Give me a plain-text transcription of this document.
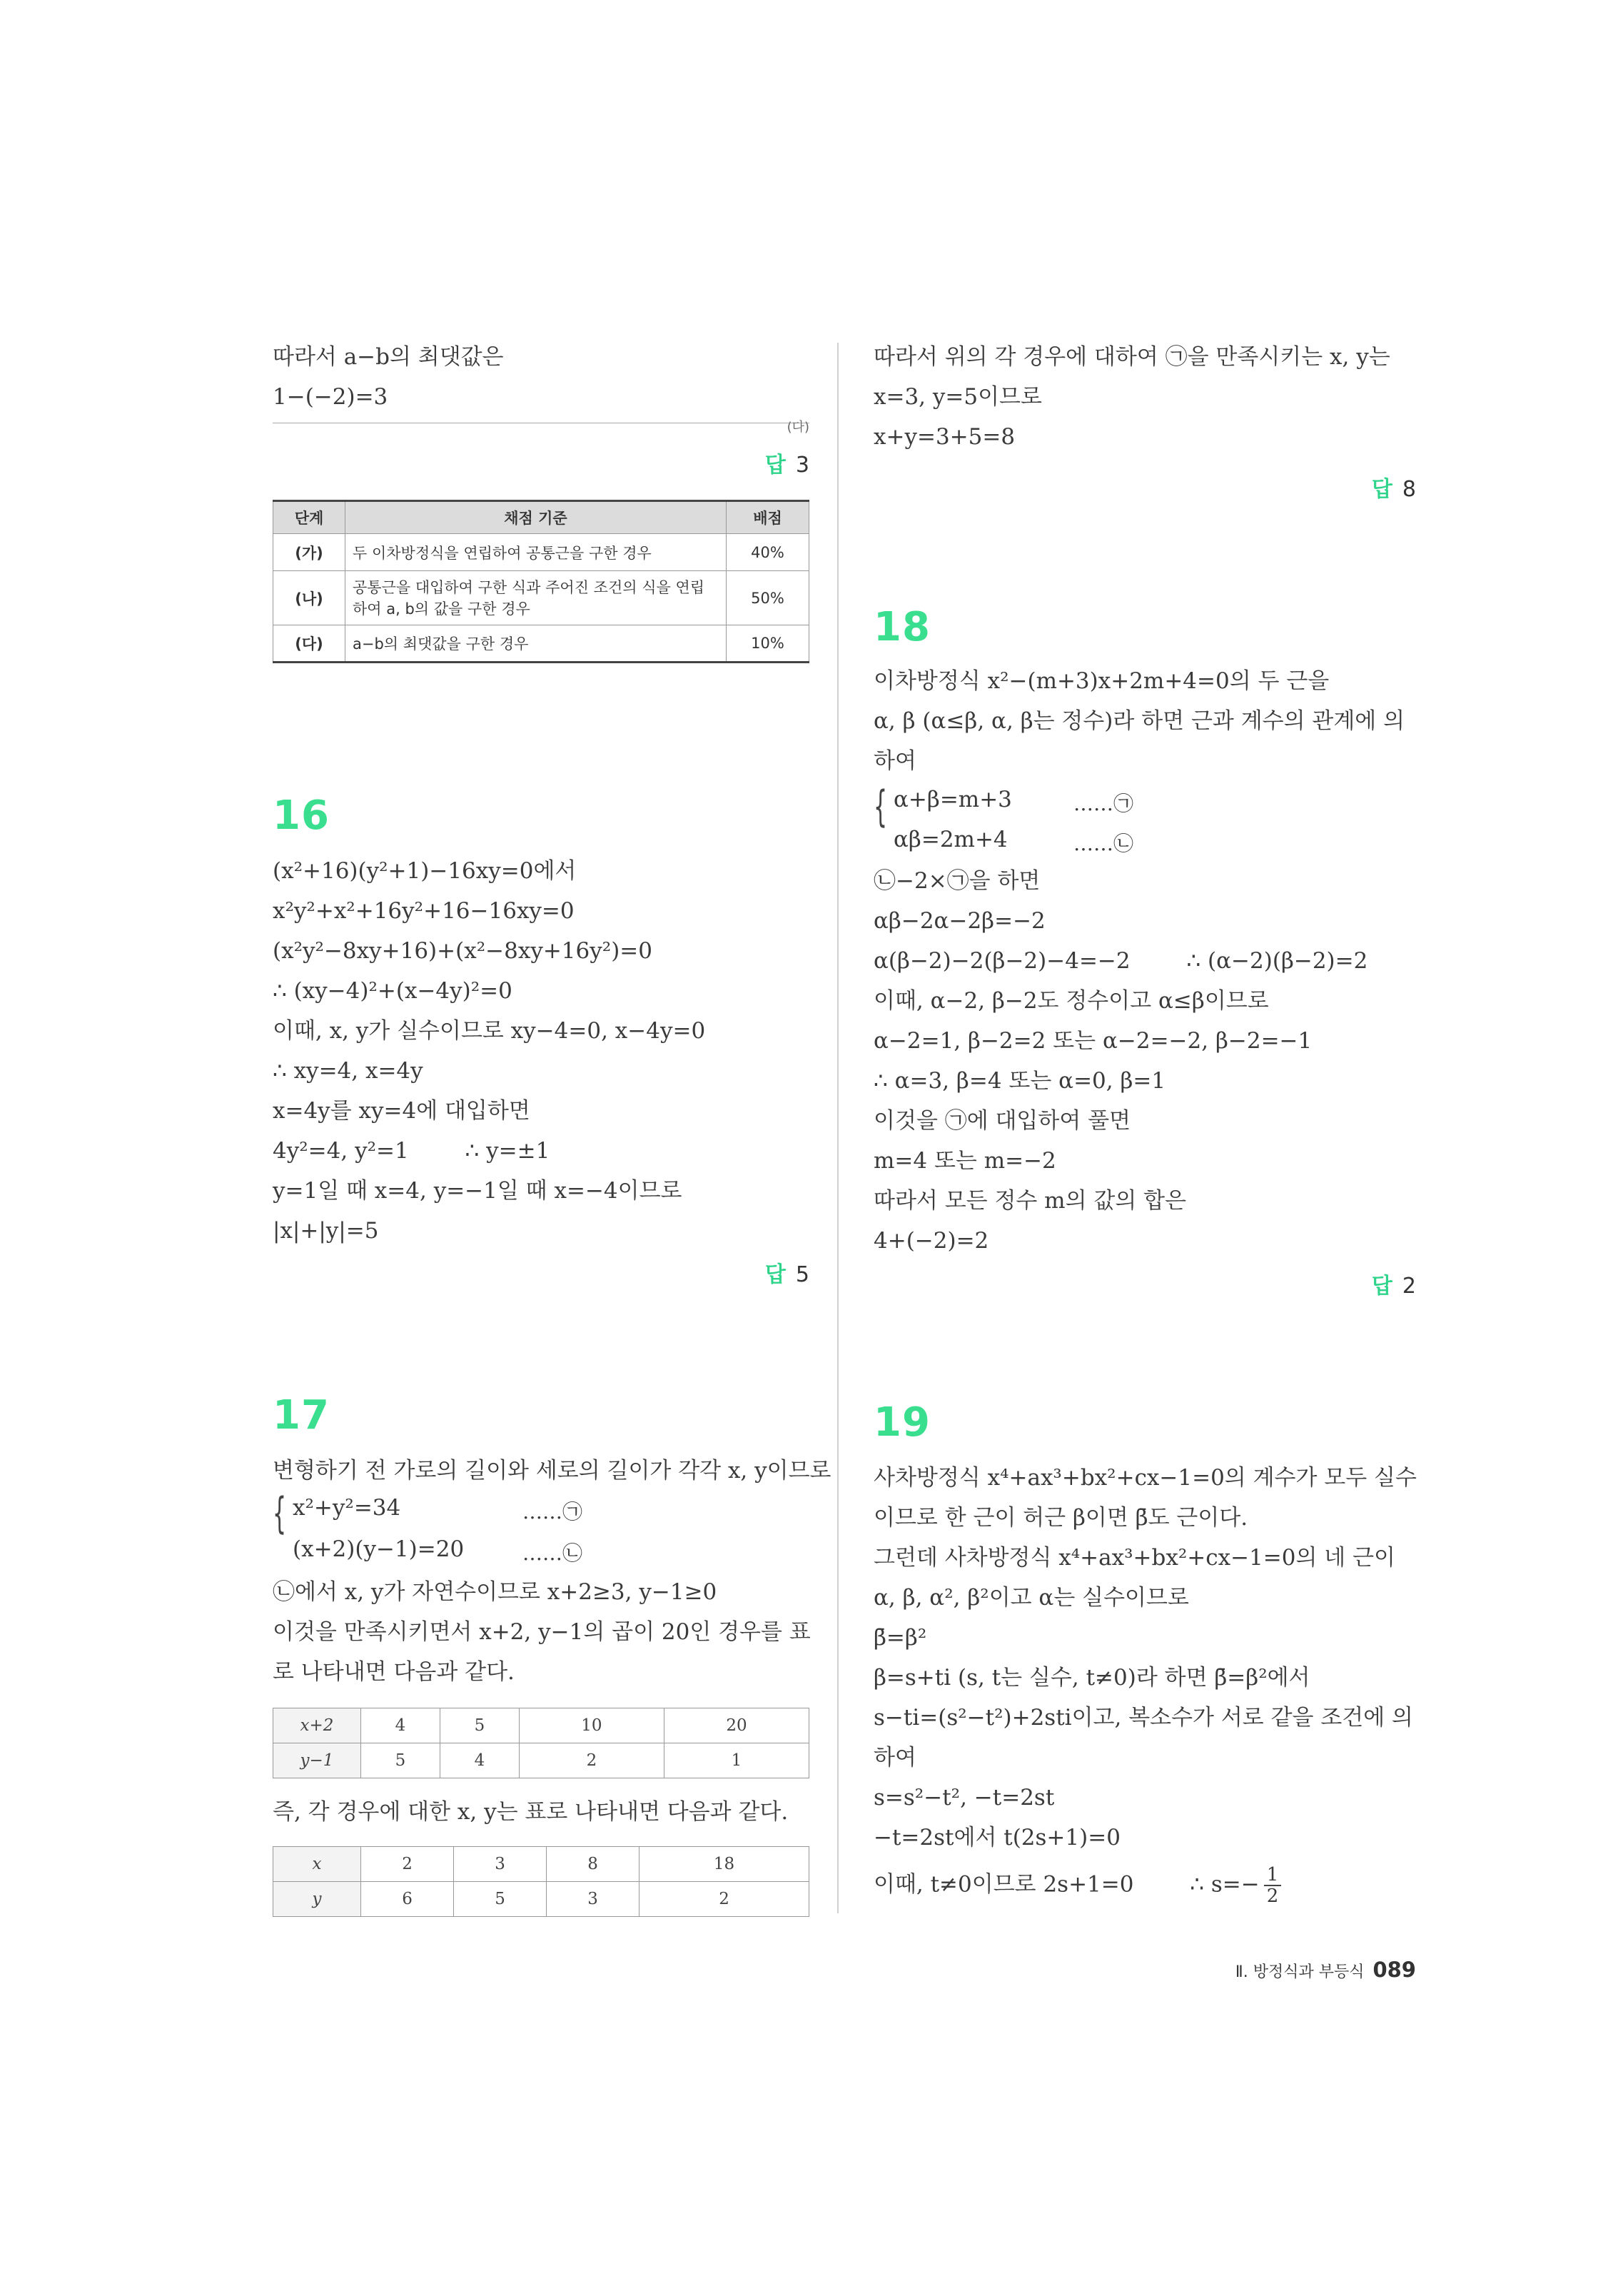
따라서 a−b의 최댓값은
1−(−2)=3
(다)
답 3
단계	채점 기준	배점
(가)	두 이차방정식을 연립하여 공통근을 구한 경우	40%
(나)	공통근을 대입하여 구한 식과 주어진 조건의 식을 연립하여 a, b의 값을 구한 경우	50%
(다)	a−b의 최댓값을 구한 경우	10%
16
(x²+16)(y²+1)−16xy=0에서
x²y²+x²+16y²+16−16xy=0
(x²y²−8xy+16)+(x²−8xy+16y²)=0
∴ (xy−4)²+(x−4y)²=0
이때, x, y가 실수이므로 xy−4=0, x−4y=0
∴ xy=4, x=4y
x=4y를 xy=4에 대입하면
4y²=4, y²=1        ∴ y=±1
y=1일 때 x=4, y=−1일 때 x=−4이므로
|x|+|y|=5
답 5
17
변형하기 전 가로의 길이와 세로의 길이가 각각 x, y이므로
{ x²+y²=34	……㉠
(x+2)(y−1)=20	……㉡
㉡에서 x, y가 자연수이므로 x+2≥3, y−1≥0
이것을 만족시키면서 x+2, y−1의 곱이 20인 경우를 표
로 나타내면 다음과 같다.
x+2	4	5	10	20
y−1	5	4	2	1
즉, 각 경우에 대한 x, y는 표로 나타내면 다음과 같다.
x	2	3	8	18
y	6	5	3	2
따라서 위의 각 경우에 대하여 ㉠을 만족시키는 x, y는
x=3, y=5이므로
x+y=3+5=8
답 8
18
이차방정식 x²−(m+3)x+2m+4=0의 두 근을
α, β (α≤β, α, β는 정수)라 하면 근과 계수의 관계에 의
하여
{ α+β=m+3	……㉠
αβ=2m+4	……㉡
㉡−2×㉠을 하면
αβ−2α−2β=−2
α(β−2)−2(β−2)−4=−2        ∴ (α−2)(β−2)=2
이때, α−2, β−2도 정수이고 α≤β이므로
α−2=1, β−2=2 또는 α−2=−2, β−2=−1
∴ α=3, β=4 또는 α=0, β=1
이것을 ㉠에 대입하여 풀면
m=4 또는 m=−2
따라서 모든 정수 m의 값의 합은
4+(−2)=2
답 2
19
사차방정식 x⁴+ax³+bx²+cx−1=0의 계수가 모두 실수
이므로 한 근이 허근 β이면 β̄도 근이다.
그런데 사차방정식 x⁴+ax³+bx²+cx−1=0의 네 근이
α, β, α², β²이고 α는 실수이므로
β̄=β²
β=s+ti (s, t는 실수, t≠0)라 하면 β̄=β²에서
s−ti=(s²−t²)+2sti이고, 복소수가 서로 같을 조건에 의
하여
s=s²−t², −t=2st
−t=2st에서 t(2s+1)=0
이때, t≠0이므로 2s+1=0        ∴ $s=- \frac{1}{2}$
Ⅱ. 방정식과 부등식 089
